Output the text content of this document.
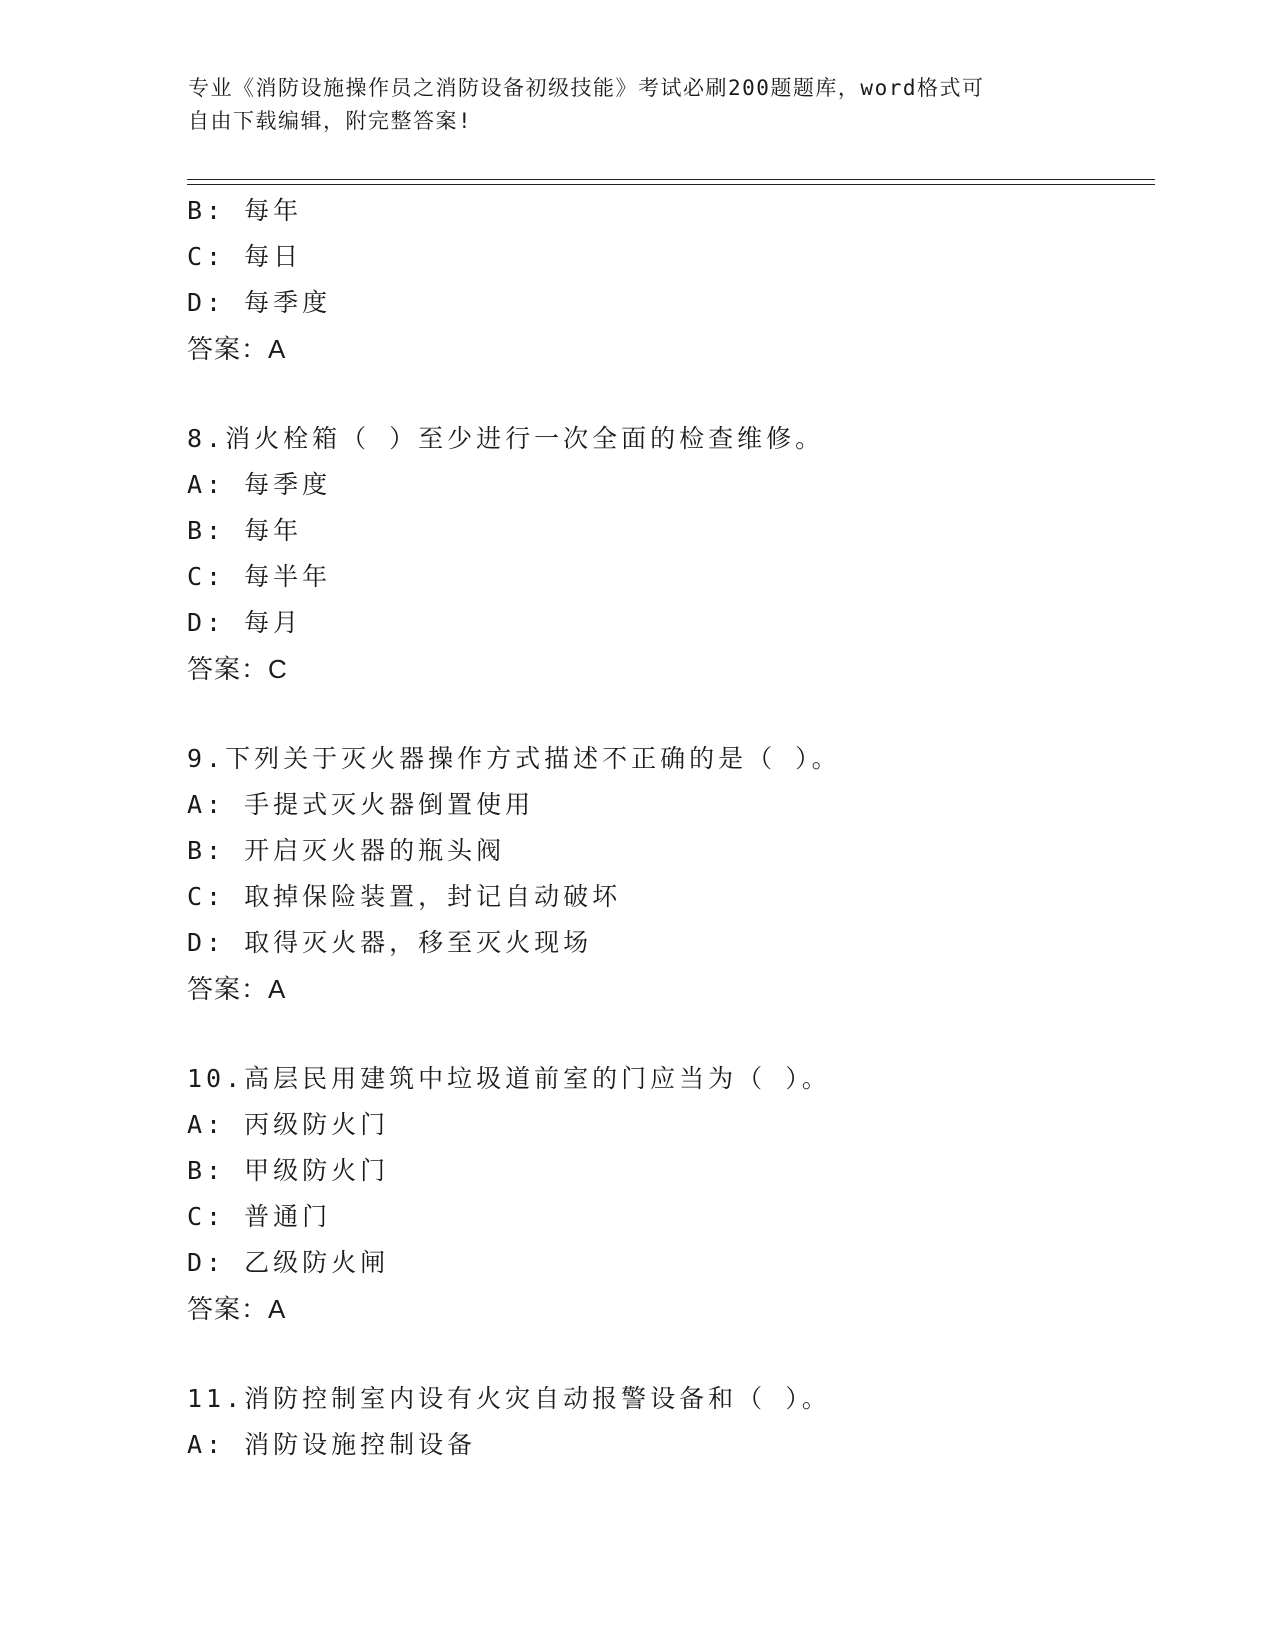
专业《消防设施操作员之消防设备初级技能》考试必刷200题题库，word格式可
自由下载编辑，附完整答案!
B: 每年
C: 每日
D: 每季度
答案：A
8.消火栓箱（ ）至少进行一次全面的检查维修。
A: 每季度
B: 每年
C: 每半年
D: 每月
答案：C
9.下列关于灭火器操作方式描述不正确的是（ ）。
A: 手提式灭火器倒置使用
B: 开启灭火器的瓶头阀
C: 取掉保险装置，封记自动破坏
D: 取得灭火器，移至灭火现场
答案：A
10.高层民用建筑中垃圾道前室的门应当为（ ）。
A: 丙级防火门
B: 甲级防火门
C: 普通门
D: 乙级防火闸
答案：A
11.消防控制室内设有火灾自动报警设备和（ ）。
A: 消防设施控制设备
